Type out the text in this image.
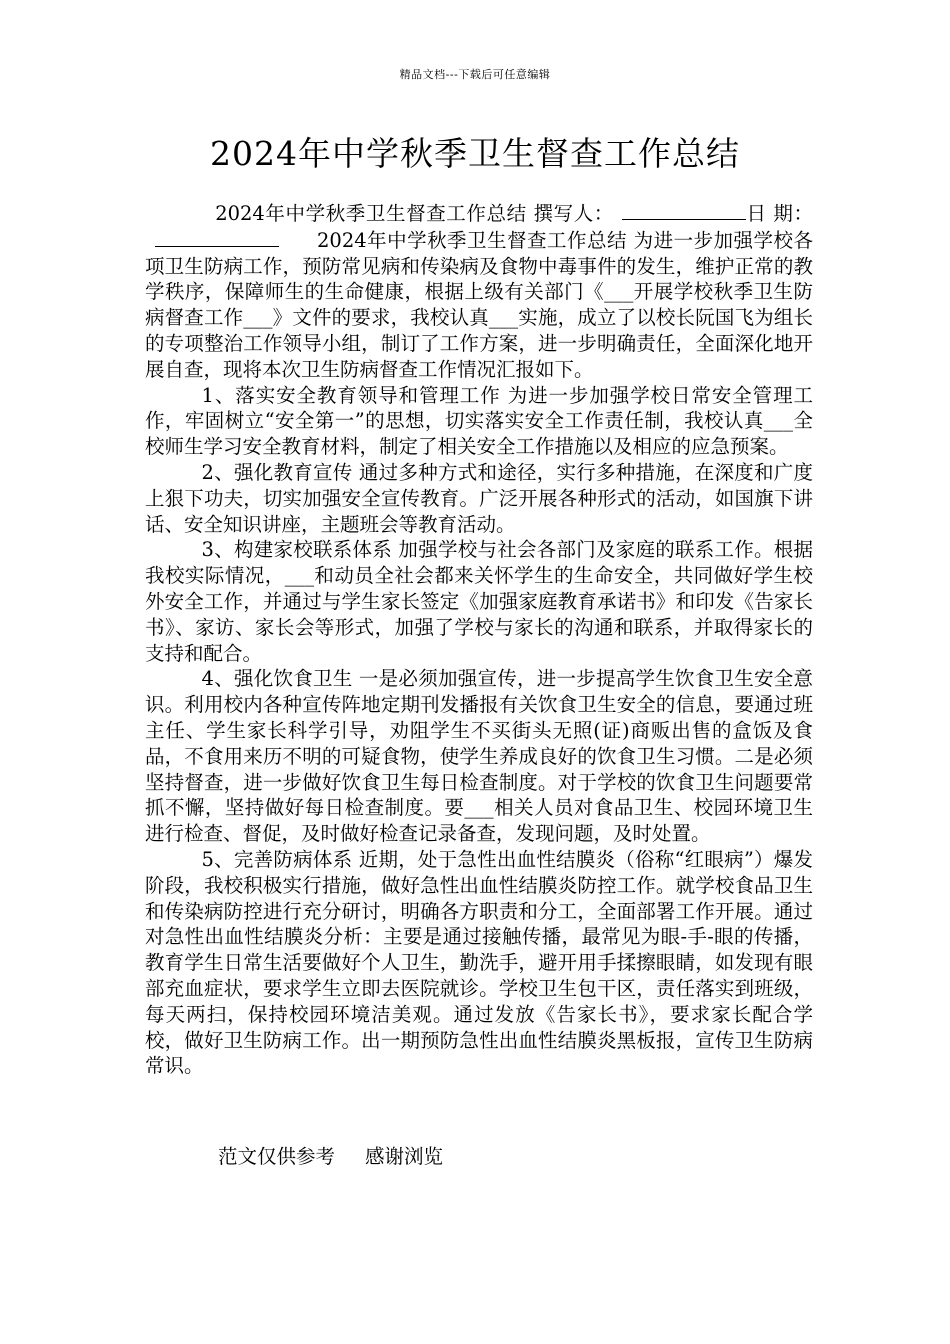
精品文档---下载后可任意编辑
2024年中学秋季卫生督查工作总结

2024年中学秋季卫生督查工作总结 撰写人：	日 期：2024年中学秋季卫生督查工作总结 为进一步加强学校各项卫生防病工作，预防常见病和传染病及食物中毒事件的发生，维护正常的教学秩序，保障师生的生命健康，根据上级有关部门《___开展学校秋季卫生防病督查工作___》文件的要求，我校认真___实施，成立了以校长阮国飞为组长的专项整治工作领导小组，制订了工作方案，进一步明确责任，全面深化地开展自查，现将本次卫生防病督查工作情况汇报如下。

1、落实安全教育领导和管理工作 为进一步加强学校日常安全管理工作，牢固树立“安全第一”的思想，切实落实安全工作责任制，我校认真___全校师生学习安全教育材料，制定了相关安全工作措施以及相应的应急预案。

2、强化教育宣传 通过多种方式和途径，实行多种措施，在深度和广度上狠下功夫，切实加强安全宣传教育。广泛开展各种形式的活动，如国旗下讲话、安全知识讲座，主题班会等教育活动。

3、构建家校联系体系 加强学校与社会各部门及家庭的联系工作。根据我校实际情况，___和动员全社会都来关怀学生的生命安全，共同做好学生校外安全工作，并通过与学生家长签定《加强家庭教育承诺书》和印发《告家长书》、家访、家长会等形式，加强了学校与家长的沟通和联系，并取得家长的支持和配合。

4、强化饮食卫生 一是必须加强宣传，进一步提高学生饮食卫生安全意识。利用校内各种宣传阵地定期刊发播报有关饮食卫生安全的信息，要通过班主任、学生家长科学引导，劝阻学生不买街头无照(证)商贩出售的盒饭及食品，不食用来历不明的可疑食物，使学生养成良好的饮食卫生习惯。二是必须坚持督查，进一步做好饮食卫生每日检查制度。对于学校的饮食卫生问题要常抓不懈，坚持做好每日检查制度。要___相关人员对食品卫生、校园环境卫生进行检查、督促，及时做好检查记录备查，发现问题，及时处置。

5、完善防病体系 近期，处于急性出血性结膜炎（俗称“红眼病”）爆发阶段，我校积极实行措施，做好急性出血性结膜炎防控工作。就学校食品卫生和传染病防控进行充分研讨，明确各方职责和分工，全面部署工作开展。通过对急性出血性结膜炎分析：主要是通过接触传播，最常见为眼-手-眼的传播，教育学生日常生活要做好个人卫生，勤洗手，避开用手揉擦眼睛，如发现有眼部充血症状，要求学生立即去医院就诊。学校卫生包干区，责任落实到班级，每天两扫，保持校园环境洁美观。通过发放《告家长书》，要求家长配合学校，做好卫生防病工作。出一期预防急性出血性结膜炎黑板报，宣传卫生防病常识。

范文仅供参考 感谢浏览
